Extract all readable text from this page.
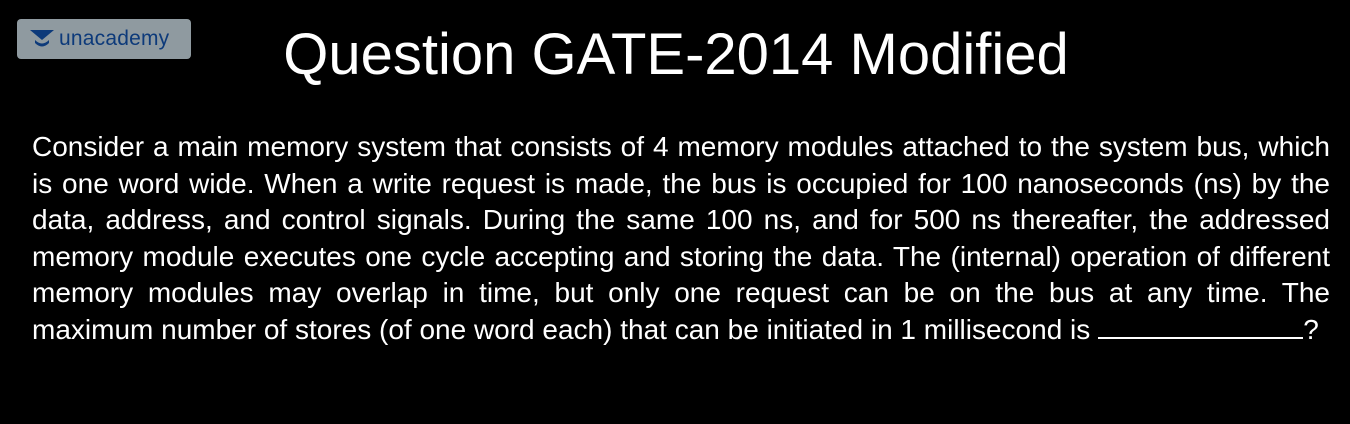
unacademy	Question GATE-2014 Modified

Consider a main memory system that consists of 4 memory modules attached to the system bus, which is one word wide. When a write request is made, the bus is occupied for 100 nanoseconds (ns) by the data, address, and control signals. During the same 100 ns, and for 500 ns thereafter, the addressed memory module executes one cycle accepting and storing the data. The (internal) operation of different memory modules may overlap in time, but only one request can be on the bus at any time. The maximum number of stores (of one word each) that can be initiated in 1 millisecond is	?
